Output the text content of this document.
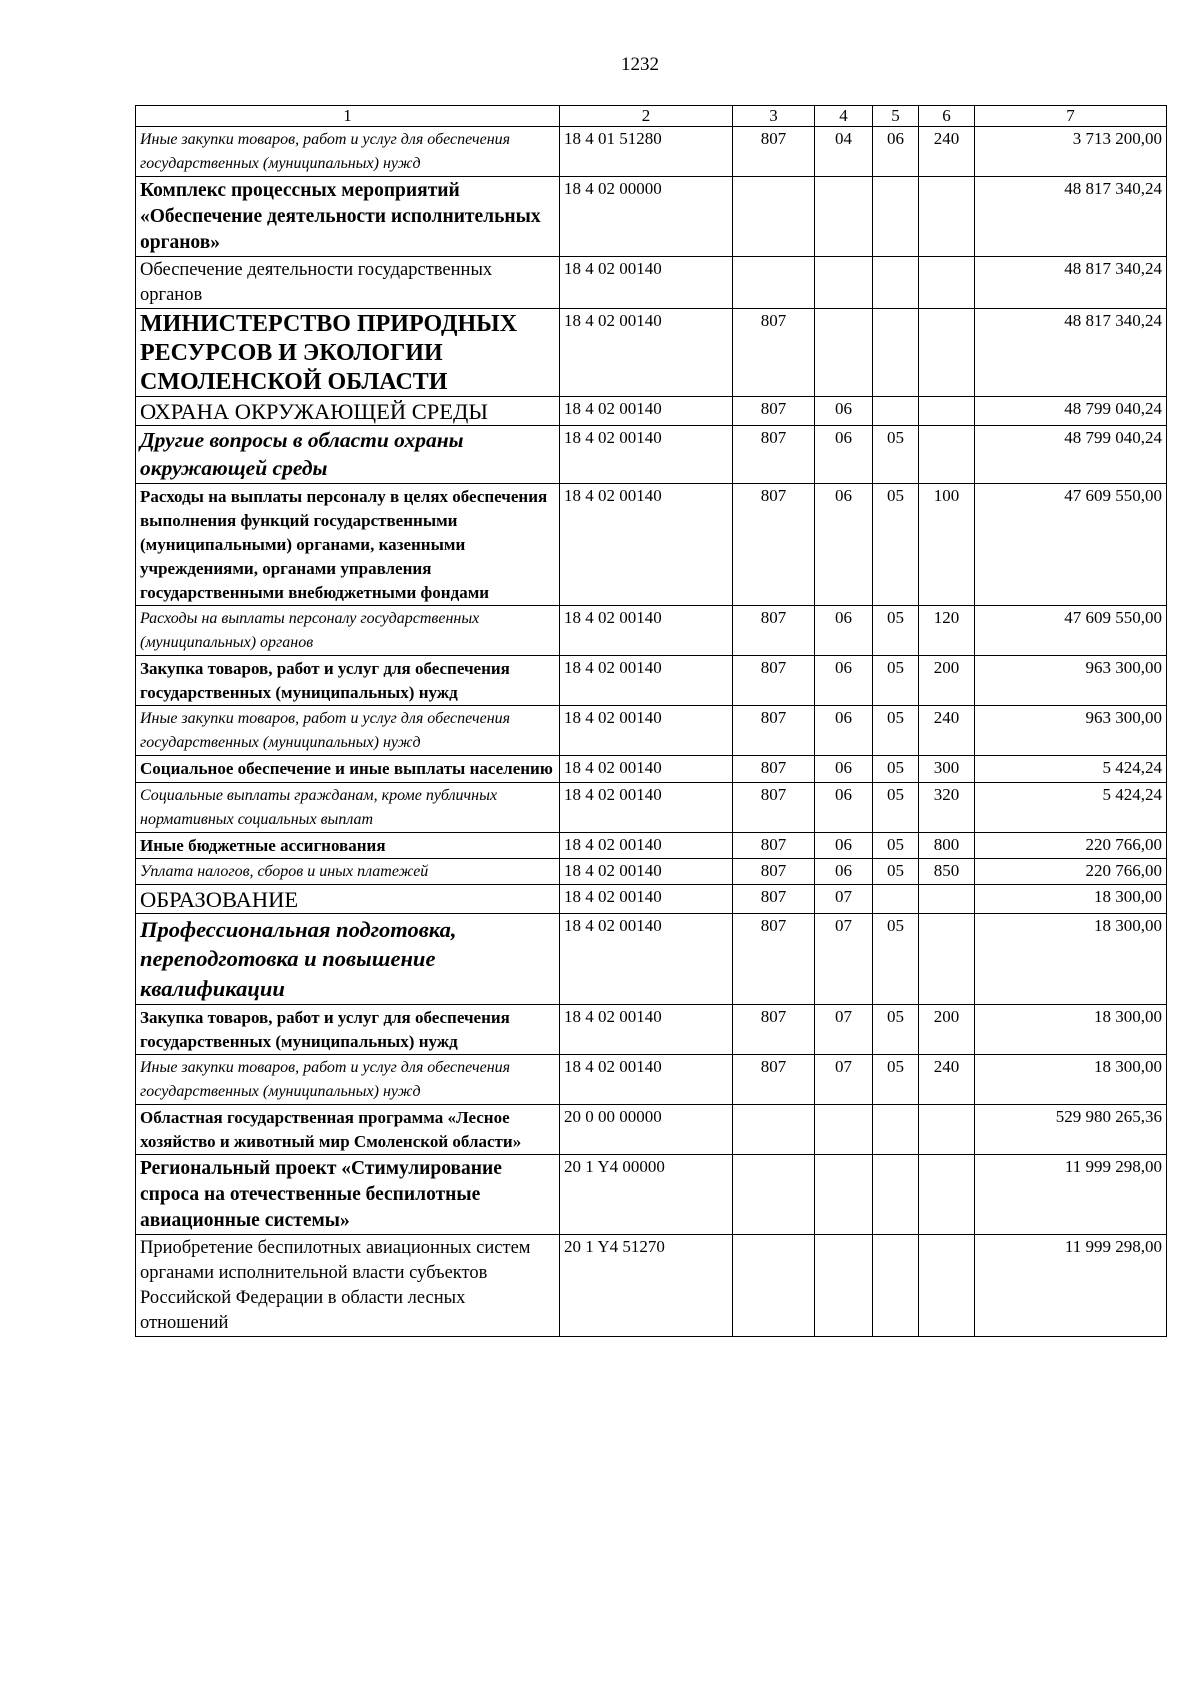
1232
1	2	3	4	5	6	7
Иные закупки товаров, работ и услуг для обеспечения государственных (муниципальных) нужд	18 4 01 51280	807	04	06	240	3 713 200,00
Комплекс процессных мероприятий «Обеспечение деятельности исполнительных органов»	18 4 02 00000					48 817 340,24
Обеспечение деятельности государственных органов	18 4 02 00140					48 817 340,24
МИНИСТЕРСТВО ПРИРОДНЫХ РЕСУРСОВ И ЭКОЛОГИИ СМОЛЕНСКОЙ ОБЛАСТИ	18 4 02 00140	807				48 817 340,24
ОХРАНА ОКРУЖАЮЩЕЙ СРЕДЫ	18 4 02 00140	807	06			48 799 040,24
Другие вопросы в области охраны окружающей среды	18 4 02 00140	807	06	05		48 799 040,24
Расходы на выплаты персоналу в целях обеспечения выполнения функций государственными (муниципальными) органами, казенными учреждениями, органами управления государственными внебюджетными фондами	18 4 02 00140	807	06	05	100	47 609 550,00
Расходы на выплаты персоналу государственных (муниципальных) органов	18 4 02 00140	807	06	05	120	47 609 550,00
Закупка товаров, работ и услуг для обеспечения государственных (муниципальных) нужд	18 4 02 00140	807	06	05	200	963 300,00
Иные закупки товаров, работ и услуг для обеспечения государственных (муниципальных) нужд	18 4 02 00140	807	06	05	240	963 300,00
Социальное обеспечение и иные выплаты населению	18 4 02 00140	807	06	05	300	5 424,24
Социальные выплаты гражданам, кроме публичных нормативных социальных выплат	18 4 02 00140	807	06	05	320	5 424,24
Иные бюджетные ассигнования	18 4 02 00140	807	06	05	800	220 766,00
Уплата налогов, сборов и иных платежей	18 4 02 00140	807	06	05	850	220 766,00
ОБРАЗОВАНИЕ	18 4 02 00140	807	07			18 300,00
Профессиональная подготовка, переподготовка и повышение квалификации	18 4 02 00140	807	07	05		18 300,00
Закупка товаров, работ и услуг для обеспечения государственных (муниципальных) нужд	18 4 02 00140	807	07	05	200	18 300,00
Иные закупки товаров, работ и услуг для обеспечения государственных (муниципальных) нужд	18 4 02 00140	807	07	05	240	18 300,00
Областная государственная программа «Лесное хозяйство и животный мир Смоленской области»	20 0 00 00000					529 980 265,36
Региональный проект «Стимулирование спроса на отечественные беспилотные авиационные системы»	20 1 Y4 00000					11 999 298,00
Приобретение беспилотных авиационных систем органами исполнительной власти субъектов Российской Федерации в области лесных отношений	20 1 Y4 51270					11 999 298,00
